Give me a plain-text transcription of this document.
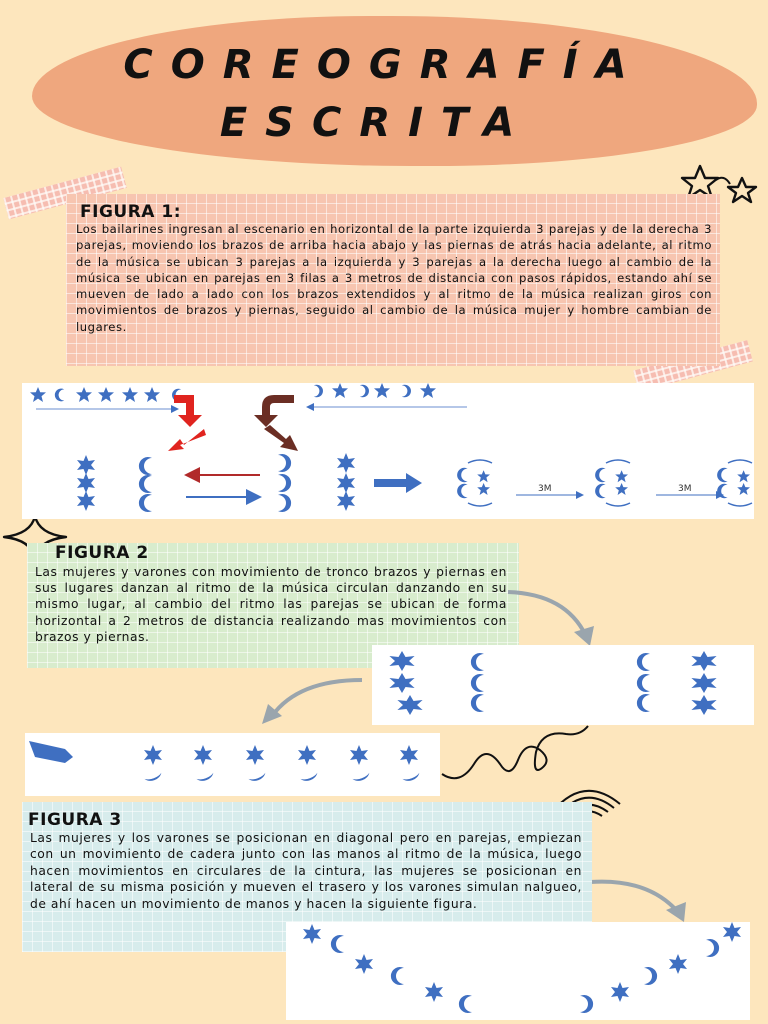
COREOGRAFÍA
ESCRITA
FIGURA 1:
Los bailarines ingresan al escenario en horizontal de la parte izquierda 3 parejas y de la derecha 3 parejas, moviendo los brazos de arriba hacia abajo y las piernas de atrás hacia adelante, al ritmo de la música se ubican 3 parejas a la izquierda y 3 parejas a la derecha luego al cambio de la música se ubican en parejas en 3 filas a 3 metros de distancia con pasos rápidos, estando ahí se mueven de lado a lado con los brazos extendidos y al ritmo de la música realizan giros con movimientos de brazos y piernas, seguido al cambio de la música mujer y hombre cambian de lugares.
3M	3M
FIGURA 2
Las mujeres y varones con movimiento de tronco brazos y piernas en sus lugares danzan al ritmo de la música circulan danzando en su mismo lugar, al cambio del ritmo las parejas se ubican de forma horizontal a 2 metros de distancia realizando mas movimientos con brazos y piernas.
FIGURA 3
Las mujeres y los varones se posicionan en diagonal pero en parejas, empiezan con un movimiento de cadera junto con las manos al ritmo de la música, luego hacen movimientos en circulares de la cintura, las mujeres se posicionan en lateral de su misma posición y mueven el trasero y los varones simulan nalgueo, de ahí hacen un movimiento de manos y hacen la siguiente figura.
